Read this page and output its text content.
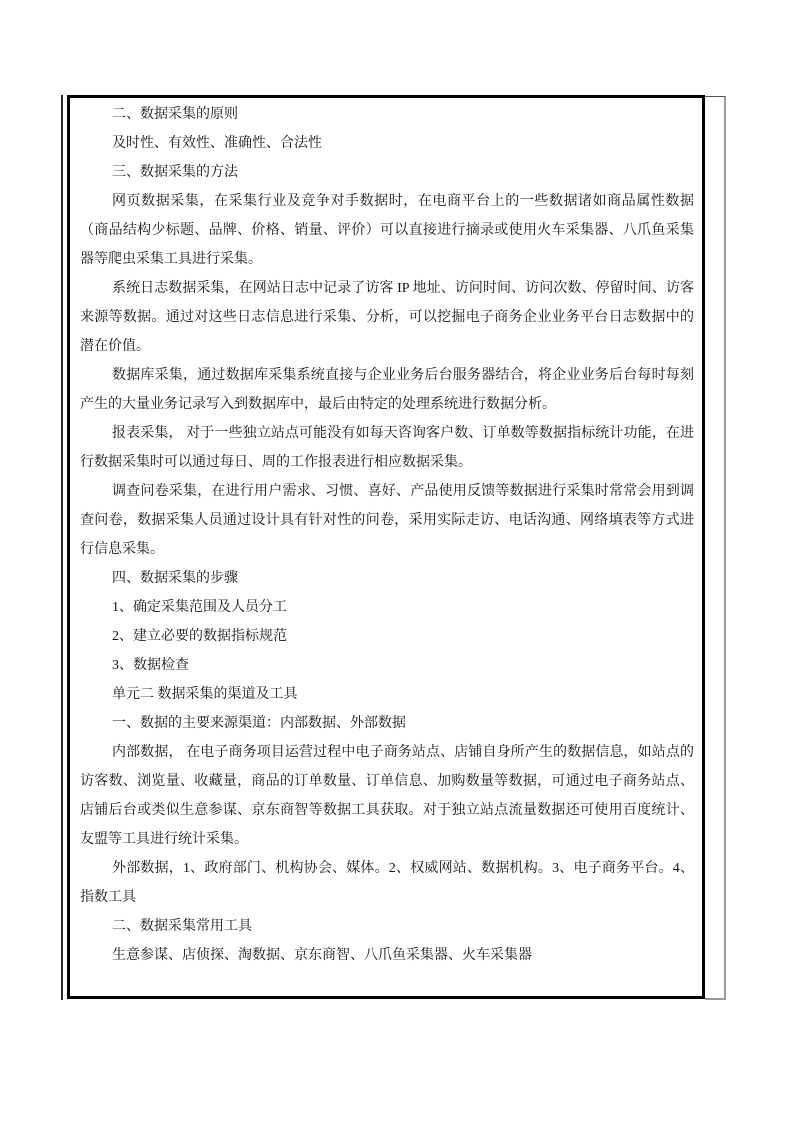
二、数据采集的原则

及时性、有效性、准确性、合法性

三、数据采集的方法

网页数据采集，在采集行业及竞争对手数据时，在电商平台上的一些数据诸如商品属性数据（商品结构少标题、品牌、价格、销量、评价）可以直接进行摘录或使用火车采集器、八爪鱼采集器等爬虫采集工具进行采集。

系统日志数据采集，在网站日志中记录了访客 IP 地址、访问时间、访问次数、停留时间、访客来源等数据。通过对这些日志信息进行采集、分析，可以挖掘电子商务企业业务平台日志数据中的潜在价值。

数据库采集，通过数据库采集系统直接与企业业务后台服务器结合，将企业业务后台每时每刻产生的大量业务记录写入到数据库中，最后由特定的处理系统进行数据分析。

报表采集， 对于一些独立站点可能没有如每天咨询客户数、订单数等数据指标统计功能，在进行数据采集时可以通过每日、周的工作报表进行相应数据采集。

调查问卷采集，在进行用户需求、习惯、喜好、产品使用反馈等数据进行采集时常常会用到调查问卷，数据采集人员通过设计具有针对性的问卷，采用实际走访、电话沟通、网络填表等方式进行信息采集。

四、数据采集的步骤

1、确定采集范围及人员分工

2、建立必要的数据指标规范

3、数据检查

单元二 数据采集的渠道及工具

一、数据的主要来源渠道：内部数据、外部数据

内部数据， 在电子商务项目运营过程中电子商务站点、店铺自身所产生的数据信息，如站点的访客数、浏览量、收藏量，商品的订单数量、订单信息、加购数量等数据，可通过电子商务站点、店铺后台或类似生意参谋、京东商智等数据工具获取。对于独立站点流量数据还可使用百度统计、友盟等工具进行统计采集。

外部数据，1、政府部门、机构协会、媒体。2、权威网站、数据机构。3、电子商务平台。4、指数工具

二、数据采集常用工具

生意参谋、店侦探、淘数据、京东商智、八爪鱼采集器、火车采集器
